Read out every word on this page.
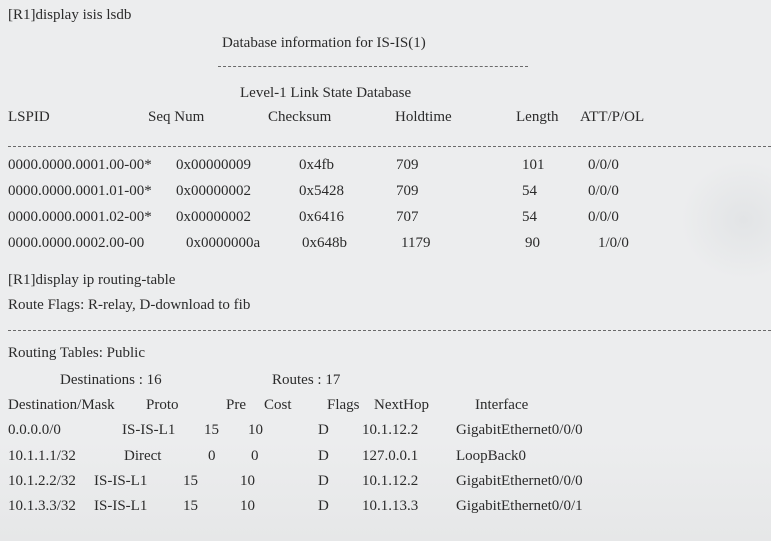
[R1]display isis lsdb
Database information for IS-IS(1)
Level-1 Link State Database
LSPID	Seq Num	Checksum	Holdtime	Length ATT/P/OL
0000.0000.0001.00-00* 0x00000009	0x4fb	709	101	0/0/0
0000.0000.0001.01-00* 0x00000002	0x5428	709	54	0/0/0
0000.0000.0001.02-00* 0x00000002	0x6416	707	54	0/0/0
0000.0000.0002.00-00	0x0000000a	0x648b	1179	90	1/0/0
[R1]display ip routing-table
Route Flags: R-relay, D-download to fib
Routing Tables: Public
Destinations : 16	Routes : 17
Destination/Mask Proto	Pre Cost Flags NextHop	Interface
0.0.0.0/0	IS-IS-L1 15 10	D 10.1.12.2	GigabitEthernet0/0/0
10.1.1.1/32	Direct	0 0	D 127.0.0.1	LoopBack0
10.1.2.2/32 IS-IS-L1 15	10	D 10.1.12.2	GigabitEthernet0/0/0
10.1.3.3/32 IS-IS-L1 15	10	D 10.1.13.3	GigabitEthernet0/0/1
